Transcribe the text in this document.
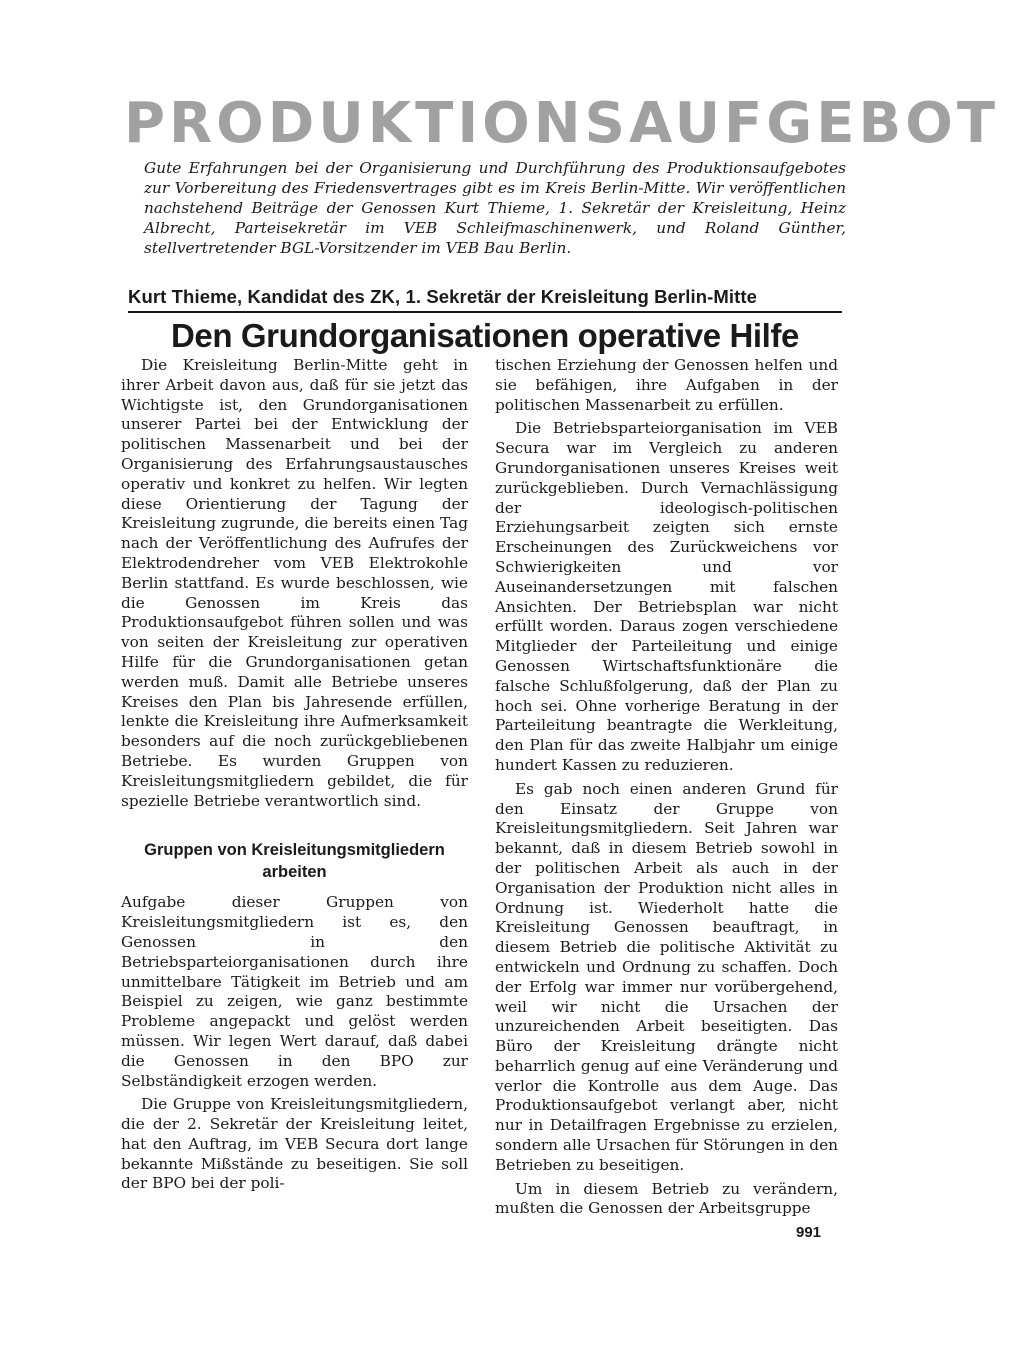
PRODUKTIONSAUFGEBOT
Gute Erfahrungen bei der Organisierung und Durchführung des Produktionsaufgebotes zur Vorbereitung des Friedensvertrages gibt es im Kreis Berlin-Mitte. Wir veröffentlichen nachstehend Beiträge der Genossen Kurt Thieme, 1. Sekretär der Kreisleitung, Heinz Albrecht, Parteisekretär im VEB Schleifmaschinenwerk, und Roland Günther, stellvertretender BGL-Vorsitzender im VEB Bau Berlin.
Kurt Thieme, Kandidat des ZK, 1. Sekretär der Kreisleitung Berlin-Mitte
Den Grundorganisationen operative Hilfe

Die Kreisleitung Berlin-Mitte geht in ihrer Arbeit davon aus, daß für sie jetzt das Wichtigste ist, den Grundorganisationen unserer Partei bei der Entwicklung der politischen Massenarbeit und bei der Organisierung des Erfahrungsaustausches operativ und konkret zu helfen. Wir legten diese Orientierung der Tagung der Kreisleitung zugrunde, die bereits einen Tag nach der Veröffentlichung des Aufrufes der Elektrodendreher vom VEB Elektrokohle Berlin stattfand. Es wurde beschlossen, wie die Genossen im Kreis das Produktionsaufgebot führen sollen und was von seiten der Kreisleitung zur operativen Hilfe für die Grundorganisationen getan werden muß. Damit alle Betriebe unseres Kreises den Plan bis Jahresende erfüllen, lenkte die Kreisleitung ihre Aufmerksamkeit besonders auf die noch zurückgebliebenen Betriebe. Es wurden Gruppen von Kreisleitungsmitgliedern gebildet, die für spezielle Betriebe verantwortlich sind.

Gruppen von Kreisleitungsmitgliedern arbeiten

Aufgabe dieser Gruppen von Kreisleitungsmitgliedern ist es, den Genossen in den Betriebsparteiorganisationen durch ihre unmittelbare Tätigkeit im Betrieb und am Beispiel zu zeigen, wie ganz bestimmte Probleme angepackt und gelöst werden müssen. Wir legen Wert darauf, daß dabei die Genossen in den BPO zur Selbständigkeit erzogen werden.

Die Gruppe von Kreisleitungsmitgliedern, die der 2. Sekretär der Kreisleitung leitet, hat den Auftrag, im VEB Secura dort lange bekannte Mißstände zu beseitigen. Sie soll der BPO bei der poli-

tischen Erziehung der Genossen helfen und sie befähigen, ihre Aufgaben in der politischen Massenarbeit zu erfüllen.

Die Betriebsparteiorganisation im VEB Secura war im Vergleich zu anderen Grundorganisationen unseres Kreises weit zurückgeblieben. Durch Vernachlässigung der ideologisch-politischen Erziehungsarbeit zeigten sich ernste Erscheinungen des Zurückweichens vor Schwierigkeiten und vor Auseinandersetzungen mit falschen Ansichten. Der Betriebsplan war nicht erfüllt worden. Daraus zogen verschiedene Mitglieder der Parteileitung und einige Genossen Wirtschaftsfunktionäre die falsche Schlußfolgerung, daß der Plan zu hoch sei. Ohne vorherige Beratung in der Parteileitung beantragte die Werkleitung, den Plan für das zweite Halbjahr um einige hundert Kassen zu reduzieren.

Es gab noch einen anderen Grund für den Einsatz der Gruppe von Kreisleitungsmitgliedern. Seit Jahren war bekannt, daß in diesem Betrieb sowohl in der politischen Arbeit als auch in der Organisation der Produktion nicht alles in Ordnung ist. Wiederholt hatte die Kreisleitung Genossen beauftragt, in diesem Betrieb die politische Aktivität zu entwickeln und Ordnung zu schaffen. Doch der Erfolg war immer nur vorübergehend, weil wir nicht die Ursachen der unzureichenden Arbeit beseitigten. Das Büro der Kreisleitung drängte nicht beharrlich genug auf eine Veränderung und verlor die Kontrolle aus dem Auge. Das Produktionsaufgebot verlangt aber, nicht nur in Detailfragen Ergebnisse zu erzielen, sondern alle Ursachen für Störungen in den Betrieben zu beseitigen.

Um in diesem Betrieb zu verändern, mußten die Genossen der Arbeitsgruppe

991
